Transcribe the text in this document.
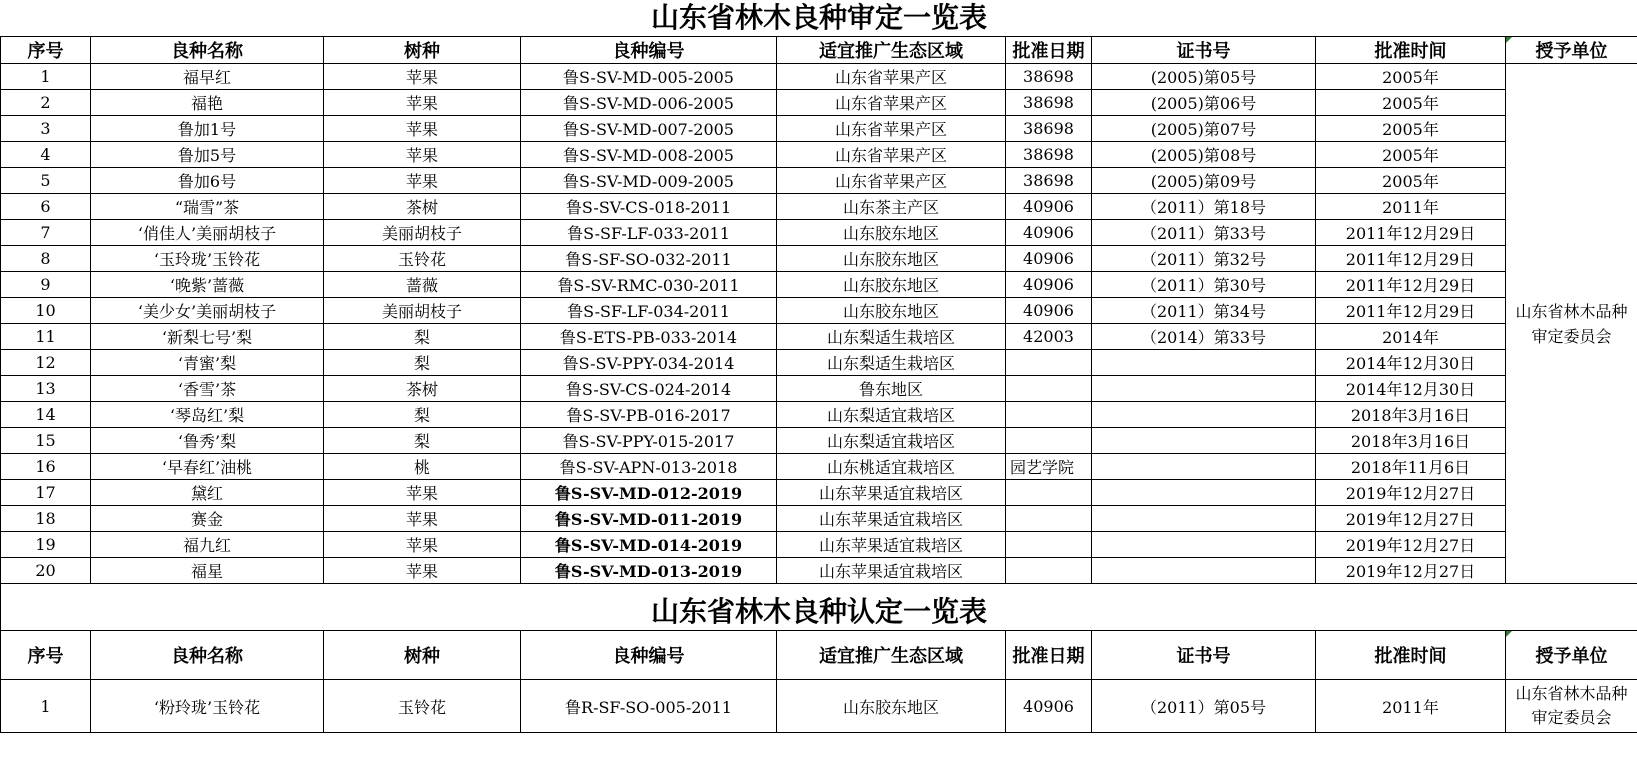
山东省林木良种审定一览表								
序号	良种名称	树种	良种编号	适宜推广生态区域	批准日期	证书号	批准时间	授予单位
1	福早红	苹果	鲁S-SV-MD-005-2005	山东省苹果产区	38698	(2005)第05号	2005年	山东省林木品种审定委员会
2	福艳	苹果	鲁S-SV-MD-006-2005	山东省苹果产区	38698	(2005)第06号	2005年	
3	鲁加1号	苹果	鲁S-SV-MD-007-2005	山东省苹果产区	38698	(2005)第07号	2005年	
4	鲁加5号	苹果	鲁S-SV-MD-008-2005	山东省苹果产区	38698	(2005)第08号	2005年	
5	鲁加6号	苹果	鲁S-SV-MD-009-2005	山东省苹果产区	38698	(2005)第09号	2005年	
6	“瑞雪”茶	茶树	鲁S-SV-CS-018-2011	山东茶主产区	40906	（2011）第18号	2011年	
7	‘俏佳人’美丽胡枝子	美丽胡枝子	鲁S-SF-LF-033-2011	山东胶东地区	40906	（2011）第33号	2011年12月29日	
8	‘玉玲珑’玉铃花	玉铃花	鲁S-SF-SO-032-2011	山东胶东地区	40906	（2011）第32号	2011年12月29日	
9	‘晚紫’蔷薇	蔷薇	鲁S-SV-RMC-030-2011	山东胶东地区	40906	（2011）第30号	2011年12月29日	
10	‘美少女’美丽胡枝子	美丽胡枝子	鲁S-SF-LF-034-2011	山东胶东地区	40906	（2011）第34号	2011年12月29日	
11	‘新梨七号’梨	梨	鲁S-ETS-PB-033-2014	山东梨适生栽培区	42003	（2014）第33号	2014年	
12	‘青蜜’梨	梨	鲁S-SV-PPY-034-2014	山东梨适生栽培区			2014年12月30日	
13	‘香雪’茶	茶树	鲁S-SV-CS-024-2014	鲁东地区			2014年12月30日	
14	‘琴岛红’梨	梨	鲁S-SV-PB-016-2017	山东梨适宜栽培区			2018年3月16日	
15	‘鲁秀’梨	梨	鲁S-SV-PPY-015-2017	山东梨适宜栽培区			2018年3月16日	
16	‘早春红’油桃	桃	鲁S-SV-APN-013-2018	山东桃适宜栽培区	园艺学院		2018年11月6日	
17	黛红	苹果	鲁S-SV-MD-012-2019	山东苹果适宜栽培区			2019年12月27日	
18	赛金	苹果	鲁S-SV-MD-011-2019	山东苹果适宜栽培区			2019年12月27日	
19	福九红	苹果	鲁S-SV-MD-014-2019	山东苹果适宜栽培区			2019年12月27日	
20	福星	苹果	鲁S-SV-MD-013-2019	山东苹果适宜栽培区			2019年12月27日	

山东省林木良种认定一览表								
序号	良种名称	树种	良种编号	适宜推广生态区域	批准日期	证书号	批准时间	授予单位
1	‘粉玲珑’玉铃花	玉铃花	鲁R-SF-SO-005-2011	山东胶东地区	40906	（2011）第05号	2011年	山东省林木品种审定委员会
